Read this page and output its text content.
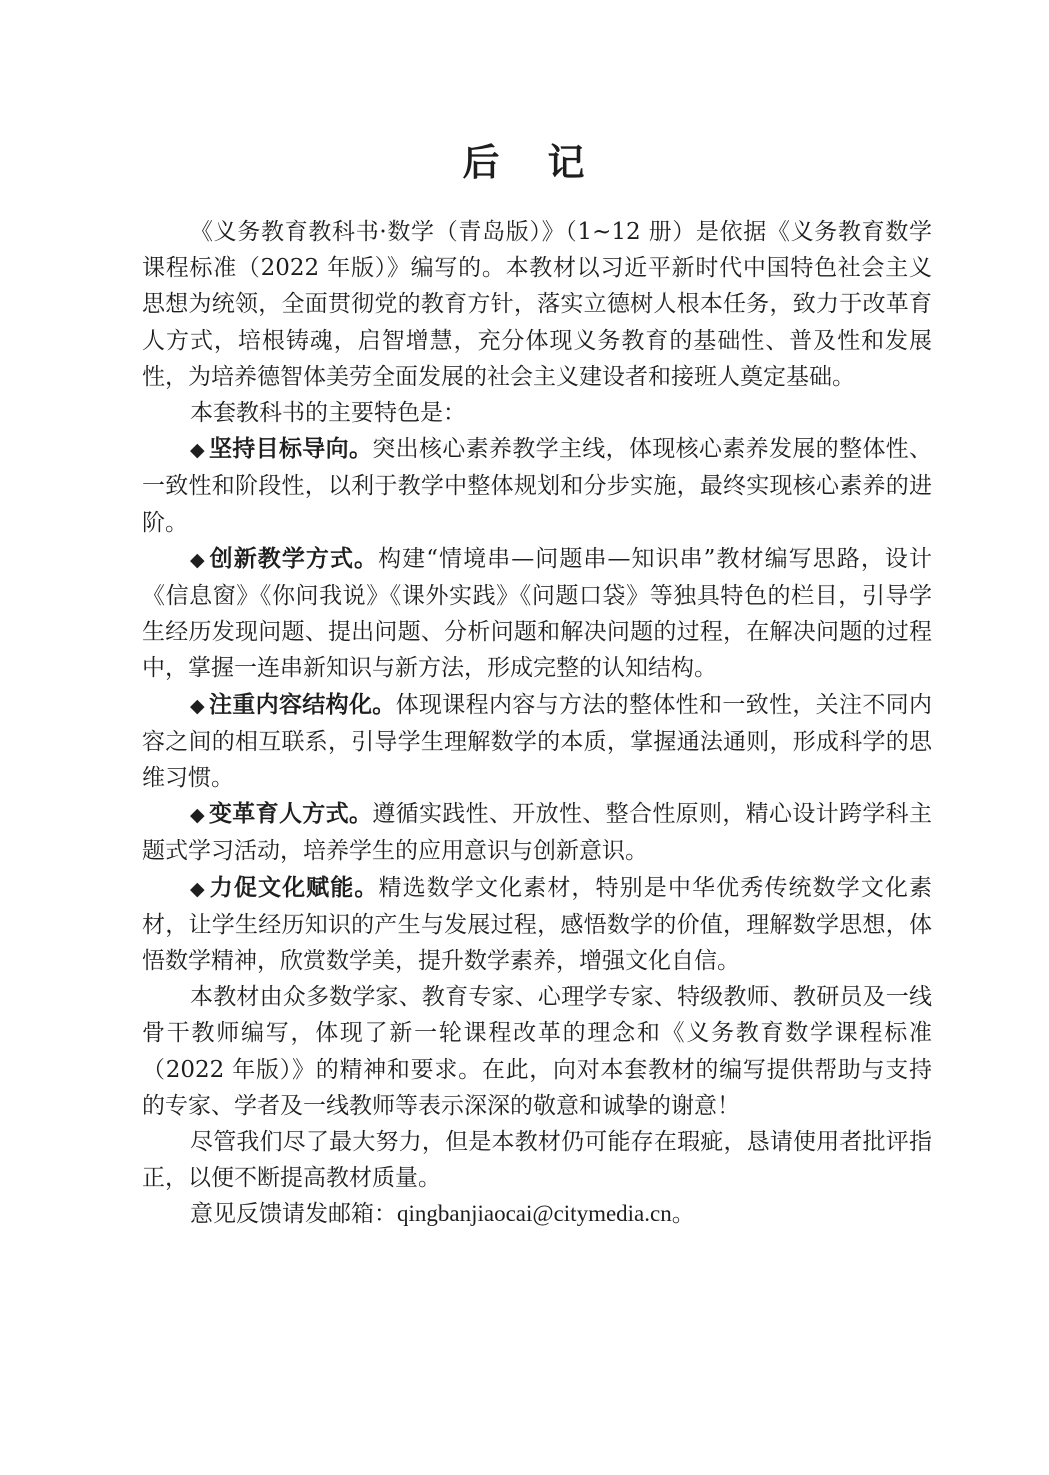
后 记

《义务教育教科书·数学（青岛版）》（1~12 册）是依据《义务教育数学课程标准（2022 年版）》编写的。本教材以习近平新时代中国特色社会主义思想为统领，全面贯彻党的教育方针，落实立德树人根本任务，致力于改革育人方式，培根铸魂，启智增慧，充分体现义务教育的基础性、普及性和发展性，为培养德智体美劳全面发展的社会主义建设者和接班人奠定基础。

本套教科书的主要特色是：

◆ 坚持目标导向。突出核心素养教学主线，体现核心素养发展的整体性、一致性和阶段性，以利于教学中整体规划和分步实施，最终实现核心素养的进阶。

◆ 创新教学方式。构建“情境串—问题串—知识串”教材编写思路，设计《信息窗》《你问我说》《课外实践》《问题口袋》等独具特色的栏目，引导学生经历发现问题、提出问题、分析问题和解决问题的过程，在解决问题的过程中，掌握一连串新知识与新方法，形成完整的认知结构。

◆ 注重内容结构化。体现课程内容与方法的整体性和一致性，关注不同内容之间的相互联系，引导学生理解数学的本质，掌握通法通则，形成科学的思维习惯。

◆ 变革育人方式。遵循实践性、开放性、整合性原则，精心设计跨学科主题式学习活动，培养学生的应用意识与创新意识。

◆ 力促文化赋能。精选数学文化素材，特别是中华优秀传统数学文化素材，让学生经历知识的产生与发展过程，感悟数学的价值，理解数学思想，体悟数学精神，欣赏数学美，提升数学素养，增强文化自信。

本教材由众多数学家、教育专家、心理学专家、特级教师、教研员及一线骨干教师编写，体现了新一轮课程改革的理念和《义务教育数学课程标准（2022 年版）》的精神和要求。在此，向对本套教材的编写提供帮助与支持的专家、学者及一线教师等表示深深的敬意和诚挚的谢意！

尽管我们尽了最大努力，但是本教材仍可能存在瑕疵，恳请使用者批评指正，以便不断提高教材质量。

意见反馈请发邮箱：qingbanjiaocai@citymedia.cn。
